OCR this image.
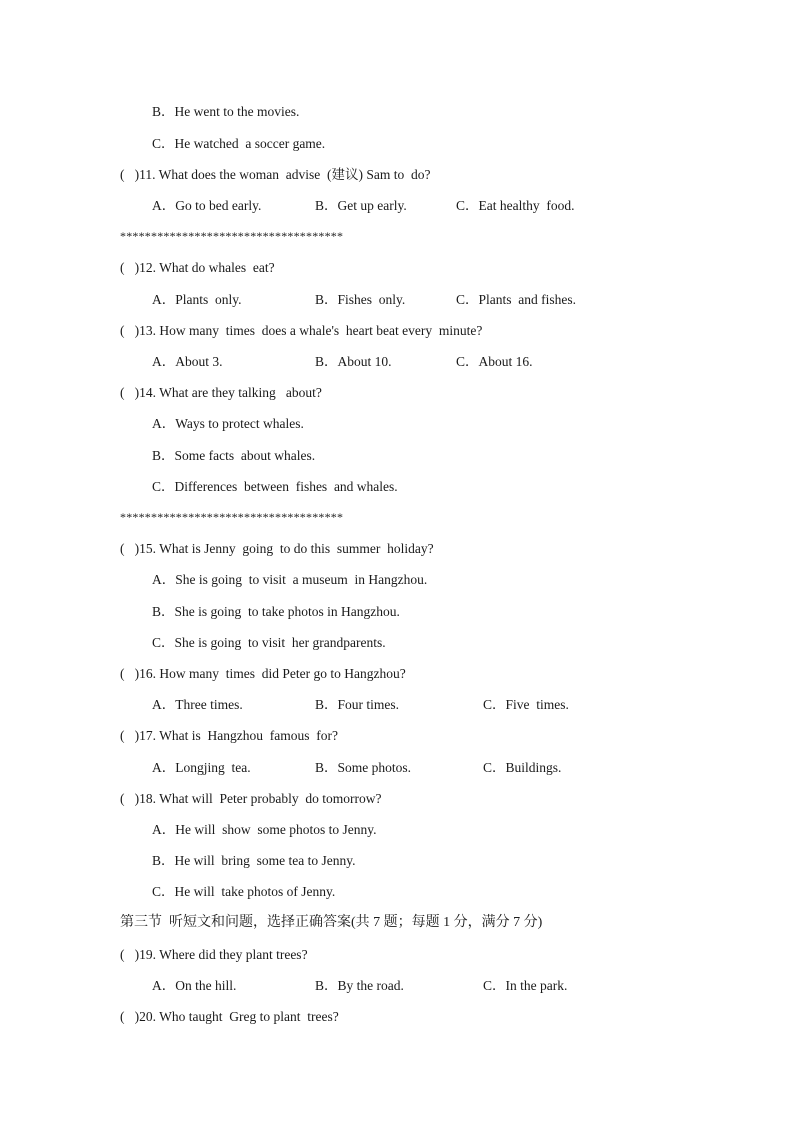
B．He went to the movies.
C．He watched  a soccer game.
(   )11. What does the woman  advise  (建议) Sam to  do?
A．Go to bed early.	B．Get up early.	C．Eat healthy  food.
************************************
(   )12. What do whales  eat?
A．Plants  only.	B．Fishes  only.	C．Plants  and fishes.
(   )13. How many  times  does a whale's  heart beat every  minute?
A．About 3.	B．About 10.	C．About 16.
(   )14. What are they talking   about?
A．Ways to protect whales.
B．Some facts  about whales.
C．Differences  between  fishes  and whales.
************************************
(   )15. What is Jenny  going  to do this  summer  holiday?
A．She is going  to visit  a museum  in Hangzhou.
B．She is going  to take photos in Hangzhou.
C．She is going  to visit  her grandparents.
(   )16. How many  times  did Peter go to Hangzhou?
A．Three times.	B．Four times.	C．Five  times.
(   )17. What is  Hangzhou  famous  for?
A．Longjing  tea.	B．Some photos.	C．Buildings.
(   )18. What will  Peter probably  do tomorrow?
A．He will  show  some photos to Jenny.
B．He will  bring  some tea to Jenny.
C．He will  take photos of Jenny.
第三节  听短文和问题，选择正确答案(共 7 题；每题 1 分，满分 7 分)
(   )19. Where did they plant trees?
A．On the hill.	B．By the road.	C．In the park.
(   )20. Who taught  Greg to plant  trees?
